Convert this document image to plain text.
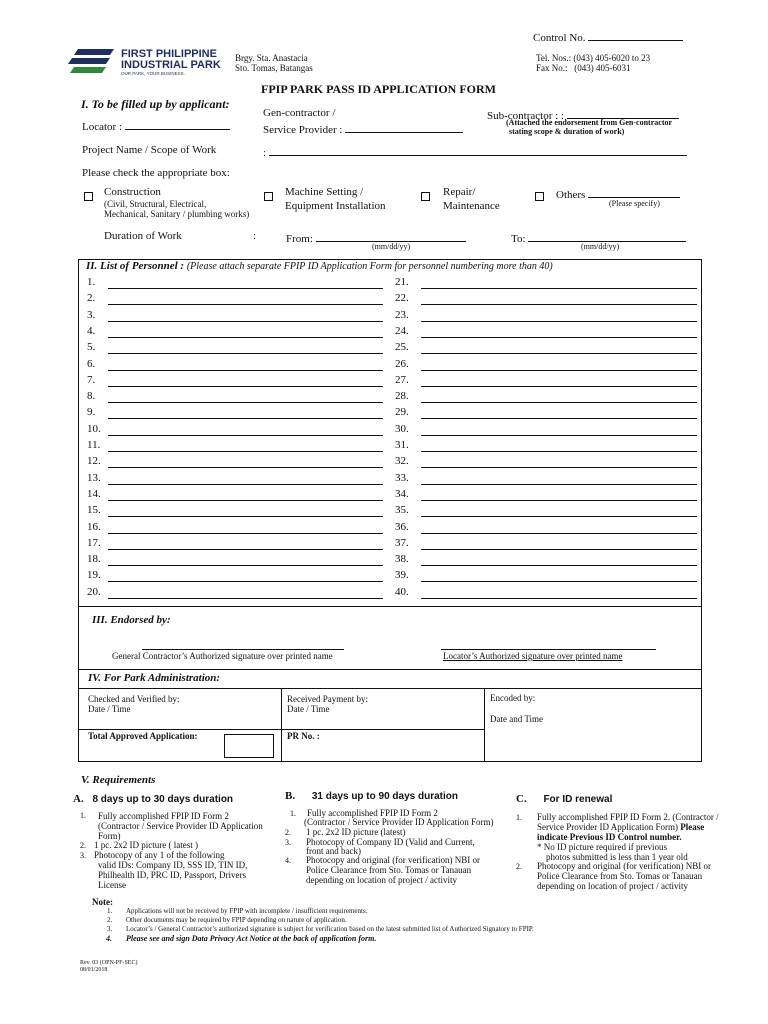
Control No.
FIRST PHILIPPINE
INDUSTRIAL PARK
OUR PARK, YOUR BUSINESS.
Brgy. Sta. Anastacia
Sto. Tomas, Batangas
Tel. Nos.: (043) 405-6020 to 23
Fax No.:   (043) 405-6031
FPIP PARK PASS ID APPLICATION FORM
I. To be filled up by applicant:
Locator :
Gen-contractor /
Service Provider :
Sub-contractor : :
(Attached the endorsement from Gen-contractor
stating scope & duration of work)
Project Name / Scope of Work	:
Please check the appropriate box:
Construction
(Civil, Structural, Electrical,
Mechanical, Sanitary / plumbing works)
Machine Setting /
Equipment Installation
Repair/
Maintenance
Others
(Please specify)
Duration of Work	:	From:
(mm/dd/yy)
To:
(mm/dd/yy)
II. List of Personnel : (Please attach separate FPIP ID Application Form for personnel numbering more than 40)
1.	21.
2.	22.
3.	23.
4.	24.
5.	25.
6.	26.
7.	27.
8.	28.
9.	29.
10.	30.
11.	31.
12.	32.
13.	33.
14.	34.
15.	35.
16.	36.
17.	37.
18.	38.
19.	39.
20.	40.
III. Endorsed by:
General Contractor’s Authorized signature over printed name	Locator’s Authorized signature over printed name
IV. For Park Administration:
Checked and Verified by:
Date / Time
Received Payment by:
Date / Time
Encoded by:
Date and Time
Total Approved Application:	PR No. :
V. Requirements
A. 8 days up to 30 days duration	B. 31 days up to 90 days duration	C. For ID renewal
1. Fully accomplished FPIP ID Form 2
(Contractor / Service Provider ID Application
Form)
2. 1 pc. 2x2 ID picture ( latest )
3. Photocopy of any 1 of the following
valid IDs: Company ID, SSS ID, TIN ID,
Philhealth ID, PRC ID, Passport, Drivers
License
1. Fully accomplished FPIP ID Form 2
(Contractor / Service Provider ID Application Form)
2. 1 pc. 2x2 ID picture (latest)
3. Photocopy of Company ID (Valid and Current,
front and back)
4. Photocopy and original (for verification) NBI or
Police Clearance from Sto. Tomas or Tanauan
depending on location of project / activity
1. Fully accomplished FPIP ID Form 2. (Contractor /
Service Provider ID Application Form) Please
indicate Previous ID Control number.
* No ID picture required if previous
photos submitted is less than 1 year old
2. Photocopy and original (for verification) NBI or
Police Clearance from Sto. Tomas or Tanauan
depending on location of project / activity
Note:
1. Applications will not be received by FPIP with incomplete / insufficient requirements.
2. Other documents may be required by FPIP depending on nature of application.
3. Locator’s / General Contractor’s authorized signature is subject for verification based on the latest submitted list of Authorized Signatory to FPIP.
4. Please see and sign Data Privacy Act Notice at the back of application form.
Rev. 03 (OPN-PF-SEC)
08/01/2018
